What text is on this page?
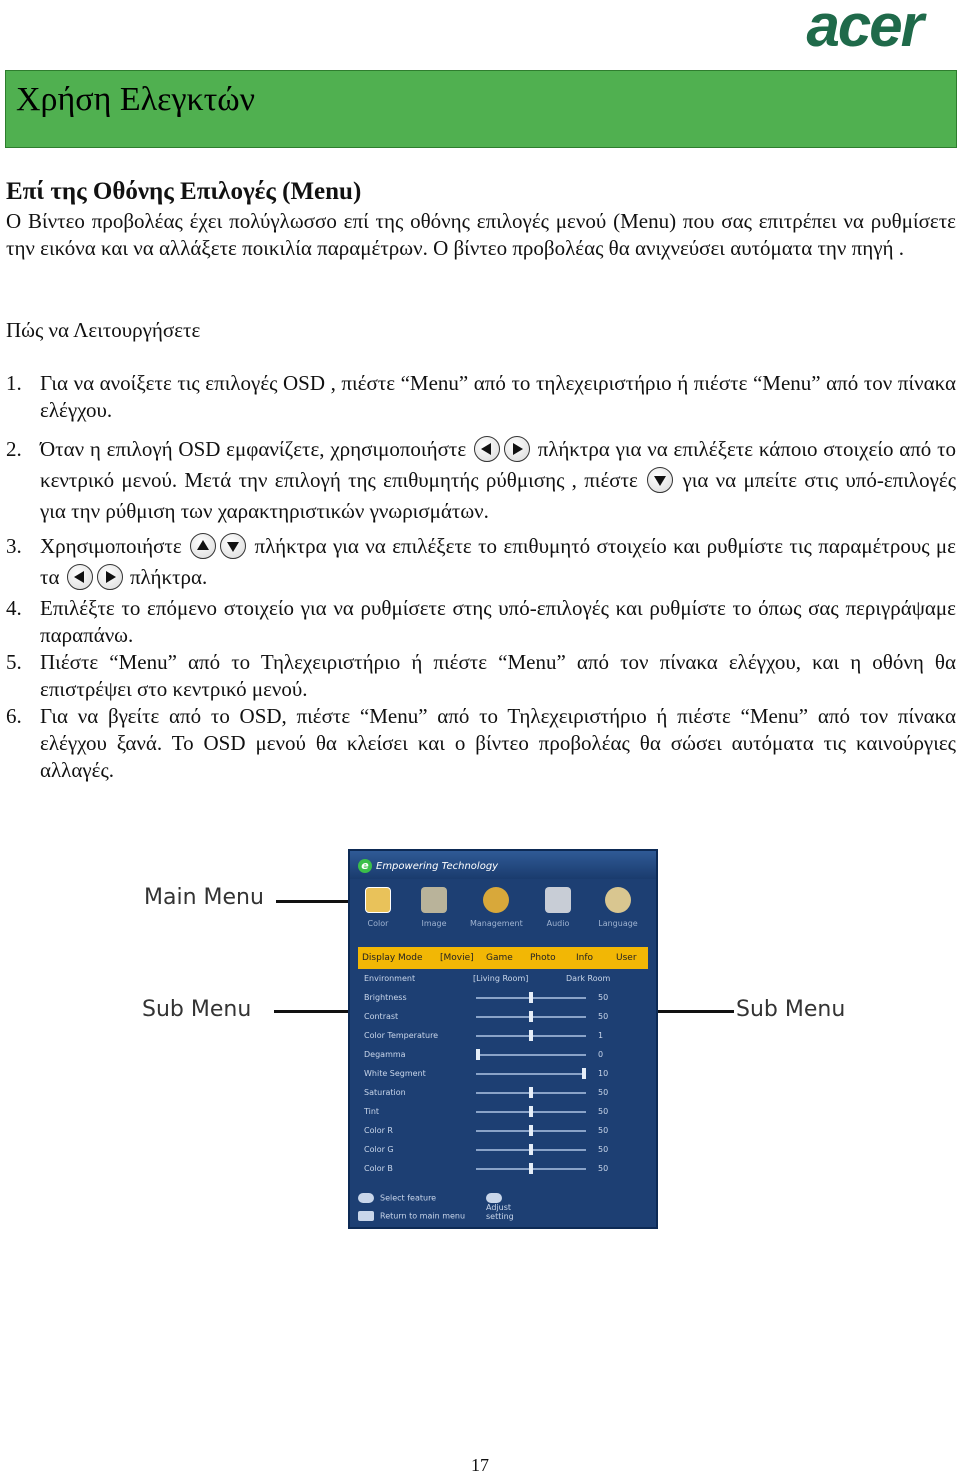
acer
Χρήση Ελεγκτών
Επί της Οθόνης Επιλογές (Menu)
Ο Βίντεο προβολέας έχει πολύγλωσσο επί της οθόνης επιλογές μενού (Menu) που σας επιτρέπει να ρυθμίσετε την εικόνα και να αλλάξετε ποικιλία παραμέτρων. Ο βίντεο προβολέας θα ανιχνεύσει αυτόματα την πηγή .
Πώς να Λειτουργήσετε
1. Για να ανοίξετε τις επιλογές OSD , πιέστε “Menu” από το τηλεχειριστήριο ή πιέστε “Menu” από τον πίνακα ελέγχου.
2. Όταν η επιλογή OSD εμφανίζετε, χρησιμοποιήστε	πλήκτρα για να επιλέξετε κάποιο στοιχείο από το κεντρικό μενού. Μετά την επιλογή της επιθυμητής ρύθμισης , πιέστε για να μπείτε στις υπό-επιλογές για την ρύθμιση των χαρακτηριστικών γνωρισμάτων.
3. Χρησιμοποιήστε	πλήκτρα για να επιλέξετε το επιθυμητό στοιχείο και ρυθμίστε τις παραμέτρους με τα	πλήκτρα.
4. Επιλέξτε το επόμενο στοιχείο για να ρυθμίσετε στης υπό-επιλογές και ρυθμίστε το όπως σας περιγράψαμε παραπάνω.
5. Πιέστε “Menu” από το Τηλεχειριστήριο ή πιέστε “Menu” από τον πίνακα ελέγχου, και η οθόνη θα επιστρέψει στο κεντρικό μενού.
6. Για να βγείτε από το OSD, πιέστε “Menu” από το Τηλεχειριστήριο ή πιέστε “Menu” από τον πίνακα ελέγχου ξανά. Το OSD μενού θα κλείσει και ο βίντεο προβολέας θα σώσει αυτόματα τις καινούργιες αλλαγές.
Main Menu
Sub Menu	Sub Menu
e Empowering Technology
Color	Image	Management	Audio	Language
Display Mode [Movie] Game Photo Info	User
Environment	[Living Room]	Dark Room
Brightness	50
Contrast	50
Color Temperature	1
Degamma	0
White Segment	10
Saturation	50
Tint	50
Color R	50
Color G	50
Color B	50
Select feature
Adjust setting
Return to main menu
17
